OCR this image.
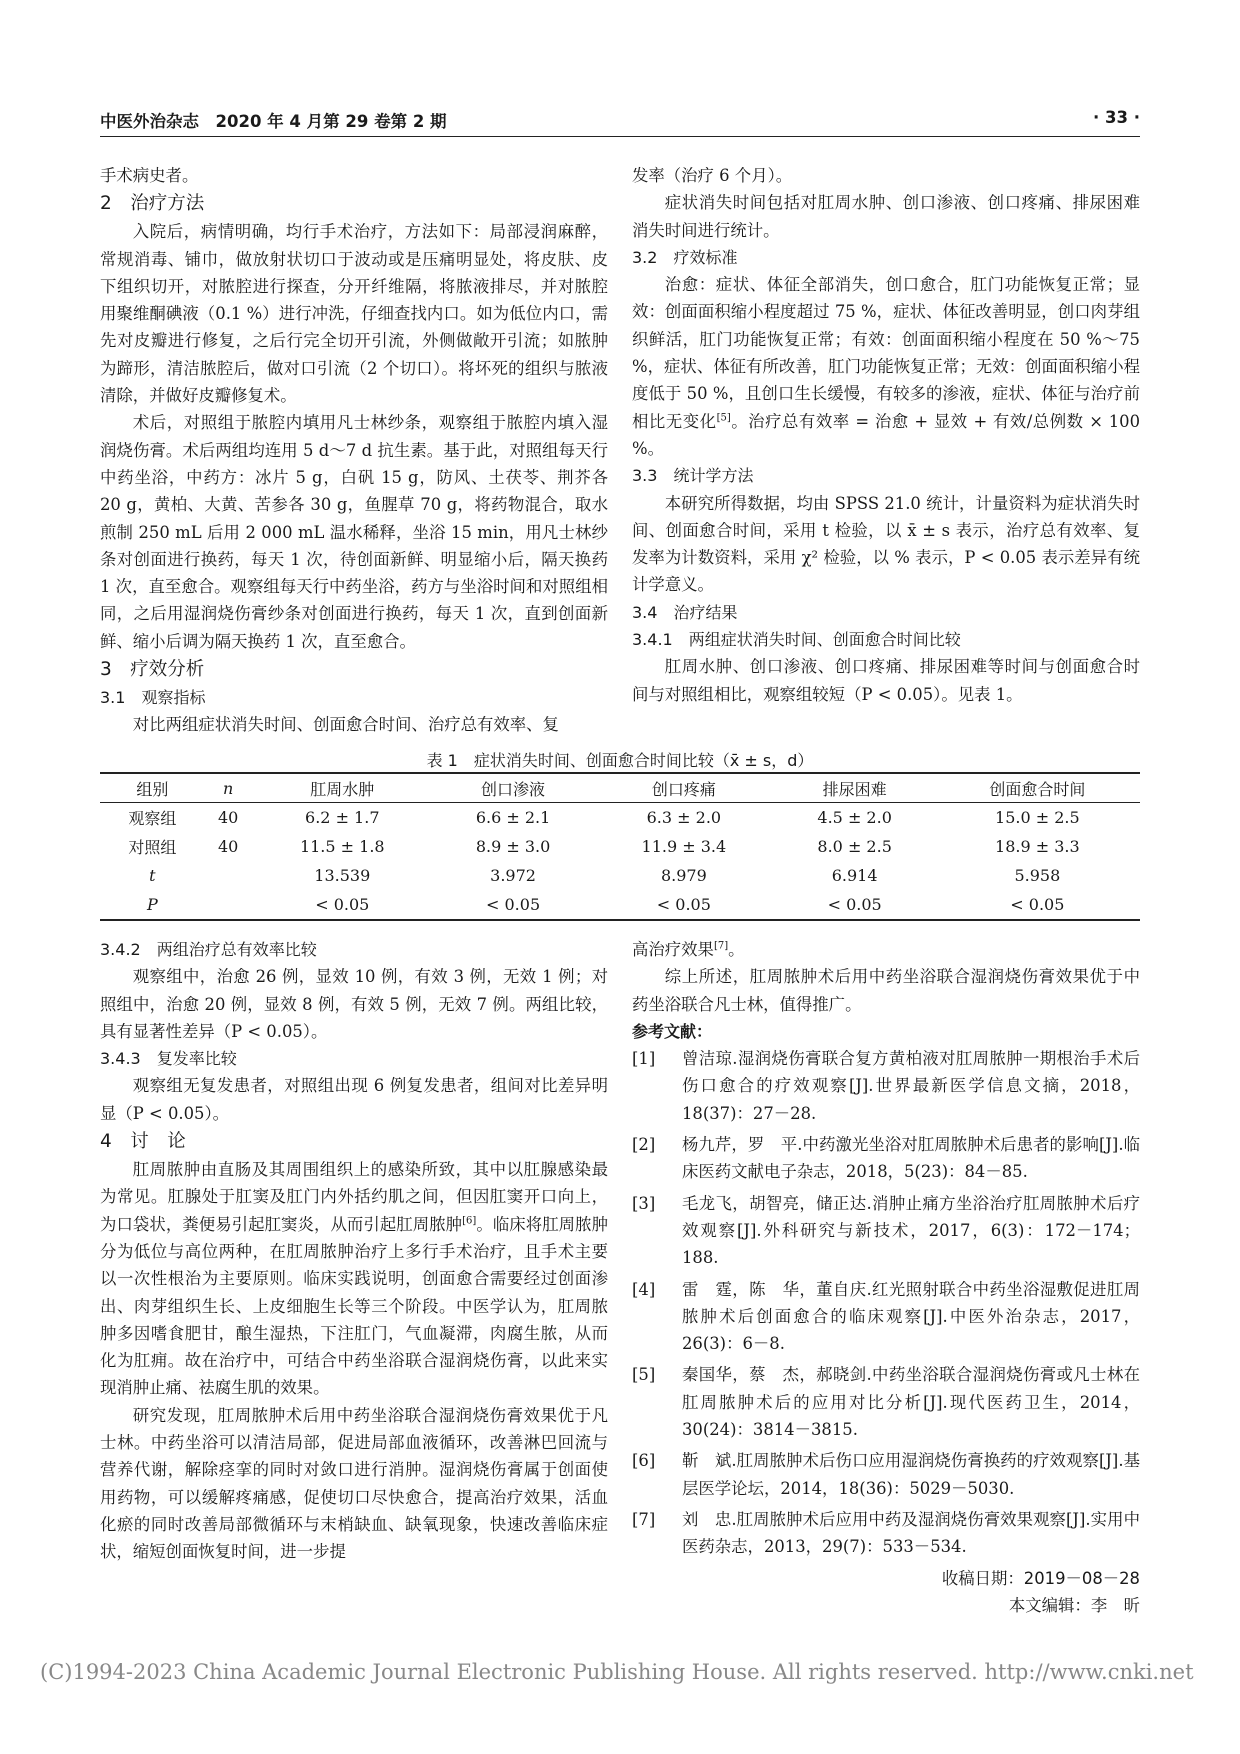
中医外治杂志　2020 年 4 月第 29 卷第 2 期	· 33 ·

手术病史者。

2　治疗方法

入院后，病情明确，均行手术治疗，方法如下：局部浸润麻醉，常规消毒、铺巾，做放射状切口于波动或是压痛明显处，将皮肤、皮下组织切开，对脓腔进行探查，分开纤维隔，将脓液排尽，并对脓腔用聚维酮碘液（0.1 %）进行冲洗，仔细查找内口。如为低位内口，需先对皮瓣进行修复，之后行完全切开引流，外侧做敞开引流；如脓肿为蹄形，清洁脓腔后，做对口引流（2 个切口）。将坏死的组织与脓液清除，并做好皮瓣修复术。

术后，对照组于脓腔内填用凡士林纱条，观察组于脓腔内填入湿润烧伤膏。术后两组均连用 5 d～7 d 抗生素。基于此，对照组每天行中药坐浴，中药方：冰片 5 g，白矾 15 g，防风、土茯苓、荆芥各 20 g，黄柏、大黄、苦参各 30 g，鱼腥草 70 g，将药物混合，取水煎制 250 mL 后用 2 000 mL 温水稀释，坐浴 15 min，用凡士林纱条对创面进行换药，每天 1 次，待创面新鲜、明显缩小后，隔天换药 1 次，直至愈合。观察组每天行中药坐浴，药方与坐浴时间和对照组相同，之后用湿润烧伤膏纱条对创面进行换药，每天 1 次，直到创面新鲜、缩小后调为隔天换药 1 次，直至愈合。

3　疗效分析

3.1　观察指标

对比两组症状消失时间、创面愈合时间、治疗总有效率、复

发率（治疗 6 个月）。

症状消失时间包括对肛周水肿、创口渗液、创口疼痛、排尿困难消失时间进行统计。

3.2　疗效标准

治愈：症状、体征全部消失，创口愈合，肛门功能恢复正常；显效：创面面积缩小程度超过 75 %，症状、体征改善明显，创口肉芽组织鲜活，肛门功能恢复正常；有效：创面面积缩小程度在 50 %～75 %，症状、体征有所改善，肛门功能恢复正常；无效：创面面积缩小程度低于 50 %，且创口生长缓慢，有较多的渗液，症状、体征与治疗前相比无变化[5]。治疗总有效率 = 治愈 + 显效 + 有效/总例数 × 100 %。

3.3　统计学方法

本研究所得数据，均由 SPSS 21.0 统计，计量资料为症状消失时间、创面愈合时间，采用 t 检验，以 x̄ ± s 表示，治疗总有效率、复发率为计数资料，采用 χ² 检验，以 % 表示，P < 0.05 表示差异有统计学意义。

3.4　治疗结果

3.4.1　两组症状消失时间、创面愈合时间比较

肛周水肿、创口渗液、创口疼痛、排尿困难等时间与创面愈合时间与对照组相比，观察组较短（P < 0.05）。见表 1。

表 1　症状消失时间、创面愈合时间比较（x̄ ± s，d）
组别	n	肛周水肿	创口渗液	创口疼痛	排尿困难	创面愈合时间
观察组	40	6.2 ± 1.7	6.6 ± 2.1	6.3 ± 2.0	4.5 ± 2.0	15.0 ± 2.5
对照组	40	11.5 ± 1.8	8.9 ± 3.0	11.9 ± 3.4	8.0 ± 2.5	18.9 ± 3.3
t		13.539	3.972	8.979	6.914	5.958
P		< 0.05	< 0.05	< 0.05	< 0.05	< 0.05

3.4.2　两组治疗总有效率比较

观察组中，治愈 26 例，显效 10 例，有效 3 例，无效 1 例；对照组中，治愈 20 例，显效 8 例，有效 5 例，无效 7 例。两组比较，具有显著性差异（P < 0.05）。

3.4.3　复发率比较

观察组无复发患者，对照组出现 6 例复发患者，组间对比差异明显（P < 0.05）。

4　讨　论

肛周脓肿由直肠及其周围组织上的感染所致，其中以肛腺感染最为常见。肛腺处于肛窦及肛门内外括约肌之间，但因肛窦开口向上，为口袋状，粪便易引起肛窦炎，从而引起肛周脓肿[6]。临床将肛周脓肿分为低位与高位两种，在肛周脓肿治疗上多行手术治疗，且手术主要以一次性根治为主要原则。临床实践说明，创面愈合需要经过创面渗出、肉芽组织生长、上皮细胞生长等三个阶段。中医学认为，肛周脓肿多因嗜食肥甘，酿生湿热，下注肛门，气血凝滞，肉腐生脓，从而化为肛痈。故在治疗中，可结合中药坐浴联合湿润烧伤膏，以此来实现消肿止痛、祛腐生肌的效果。

研究发现，肛周脓肿术后用中药坐浴联合湿润烧伤膏效果优于凡士林。中药坐浴可以清洁局部，促进局部血液循环，改善淋巴回流与营养代谢，解除痉挛的同时对敛口进行消肿。湿润烧伤膏属于创面使用药物，可以缓解疼痛感，促使切口尽快愈合，提高治疗效果，活血化瘀的同时改善局部微循环与末梢缺血、缺氧现象，快速改善临床症状，缩短创面恢复时间，进一步提

高治疗效果[7]。

综上所述，肛周脓肿术后用中药坐浴联合湿润烧伤膏效果优于中药坐浴联合凡士林，值得推广。

参考文献：

[1]	曾洁琼.湿润烧伤膏联合复方黄柏液对肛周脓肿一期根治手术后伤口愈合的疗效观察[J].世界最新医学信息文摘，2018，18(37)：27－28.
[2]	杨九芹，罗　平.中药激光坐浴对肛周脓肿术后患者的影响[J].临床医药文献电子杂志，2018，5(23)：84－85.
[3]	毛龙飞，胡智亮，储正达.消肿止痛方坐浴治疗肛周脓肿术后疗效观察[J].外科研究与新技术，2017，6(3)：172－174；188.
[4]	雷　霆，陈　华，董自庆.红光照射联合中药坐浴湿敷促进肛周脓肿术后创面愈合的临床观察[J].中医外治杂志，2017，26(3)：6－8.
[5]	秦国华，蔡　杰，郝晓剑.中药坐浴联合湿润烧伤膏或凡士林在肛周脓肿术后的应用对比分析[J].现代医药卫生，2014，30(24)：3814－3815.
[6]	靳　斌.肛周脓肿术后伤口应用湿润烧伤膏换药的疗效观察[J].基层医学论坛，2014，18(36)：5029－5030.
[7]	刘　忠.肛周脓肿术后应用中药及湿润烧伤膏效果观察[J].实用中医药杂志，2013，29(7)：533－534.

收稿日期：2019－08－28

本文编辑：李　昕

(C)1994-2023 China Academic Journal Electronic Publishing House. All rights reserved. http://www.cnki.net
